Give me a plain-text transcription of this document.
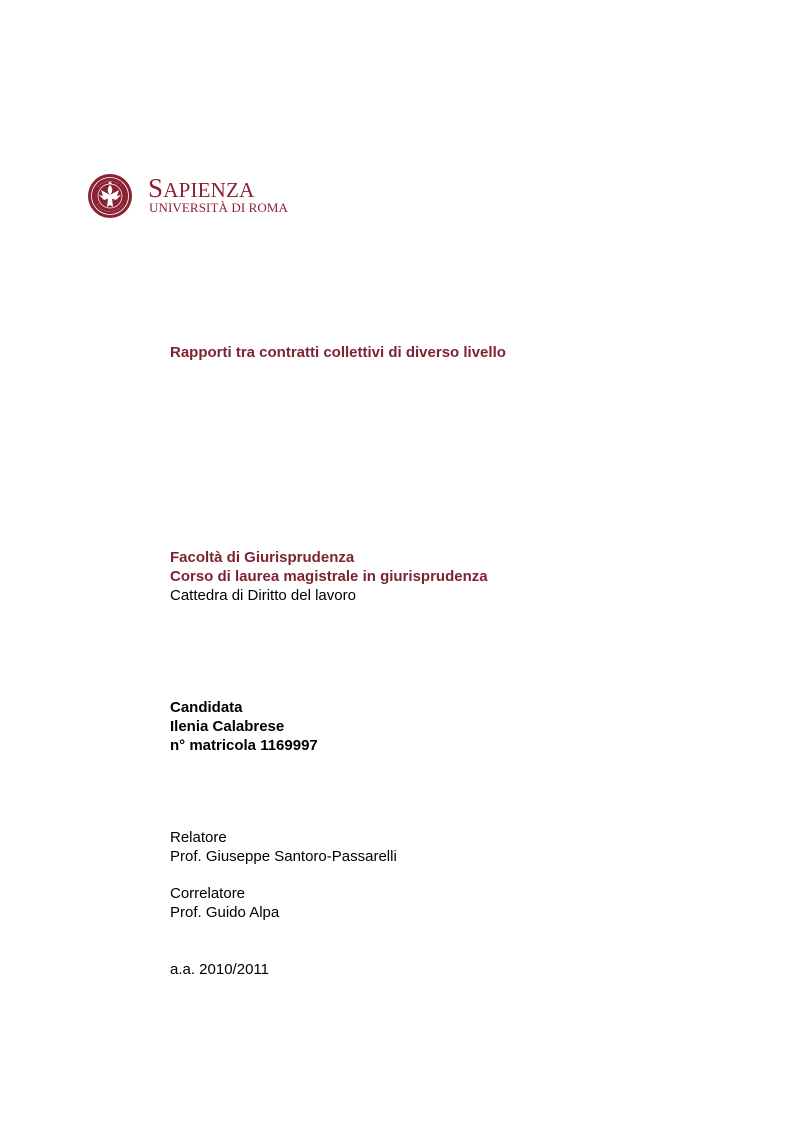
SAPIENZA
UNIVERSITÀ DI ROMA
Rapporti tra contratti collettivi di diverso livello
Facoltà di Giurisprudenza
Corso di laurea magistrale in giurisprudenza
Cattedra di Diritto del lavoro
Candidata
Ilenia Calabrese
n° matricola 1169997
Relatore
Prof. Giuseppe Santoro-Passarelli
Correlatore
Prof. Guido Alpa
a.a. 2010/2011
